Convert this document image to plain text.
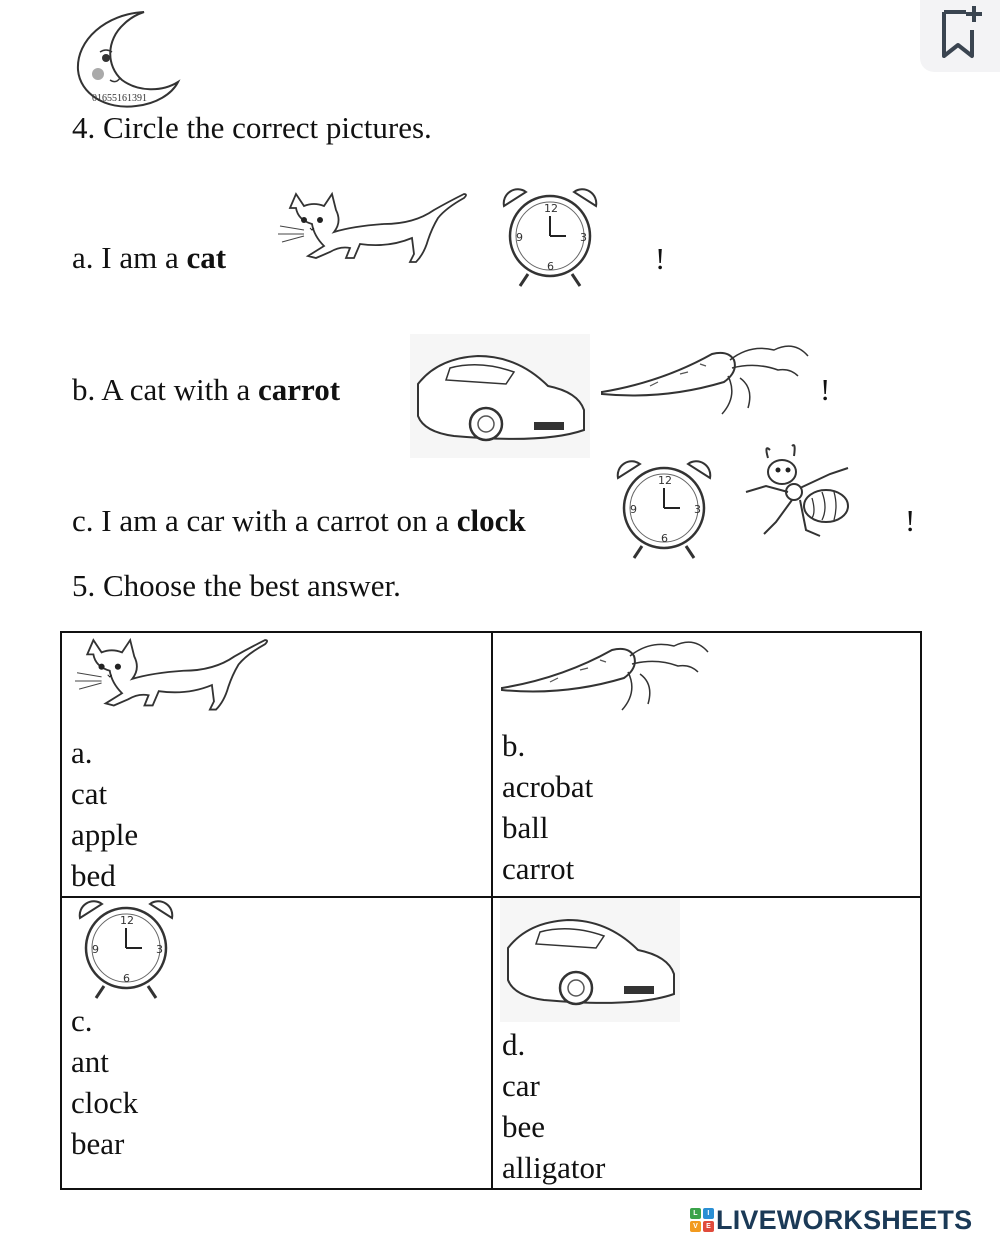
01655161391
4. Circle the correct pictures.
a. I am a cat	!
b. A cat with a carrot	!
c. I am a car with a carrot on a clock	!
12
3
6
9
12
3
6
9
5. Choose the best answer.
12
3
6
9
a.
cat
apple
bed
b.
acrobat
ball
carrot
c.
ant
clock
bear
d.
car
bee
alligator
L	I
V	E LIVEWORKSHEETS
